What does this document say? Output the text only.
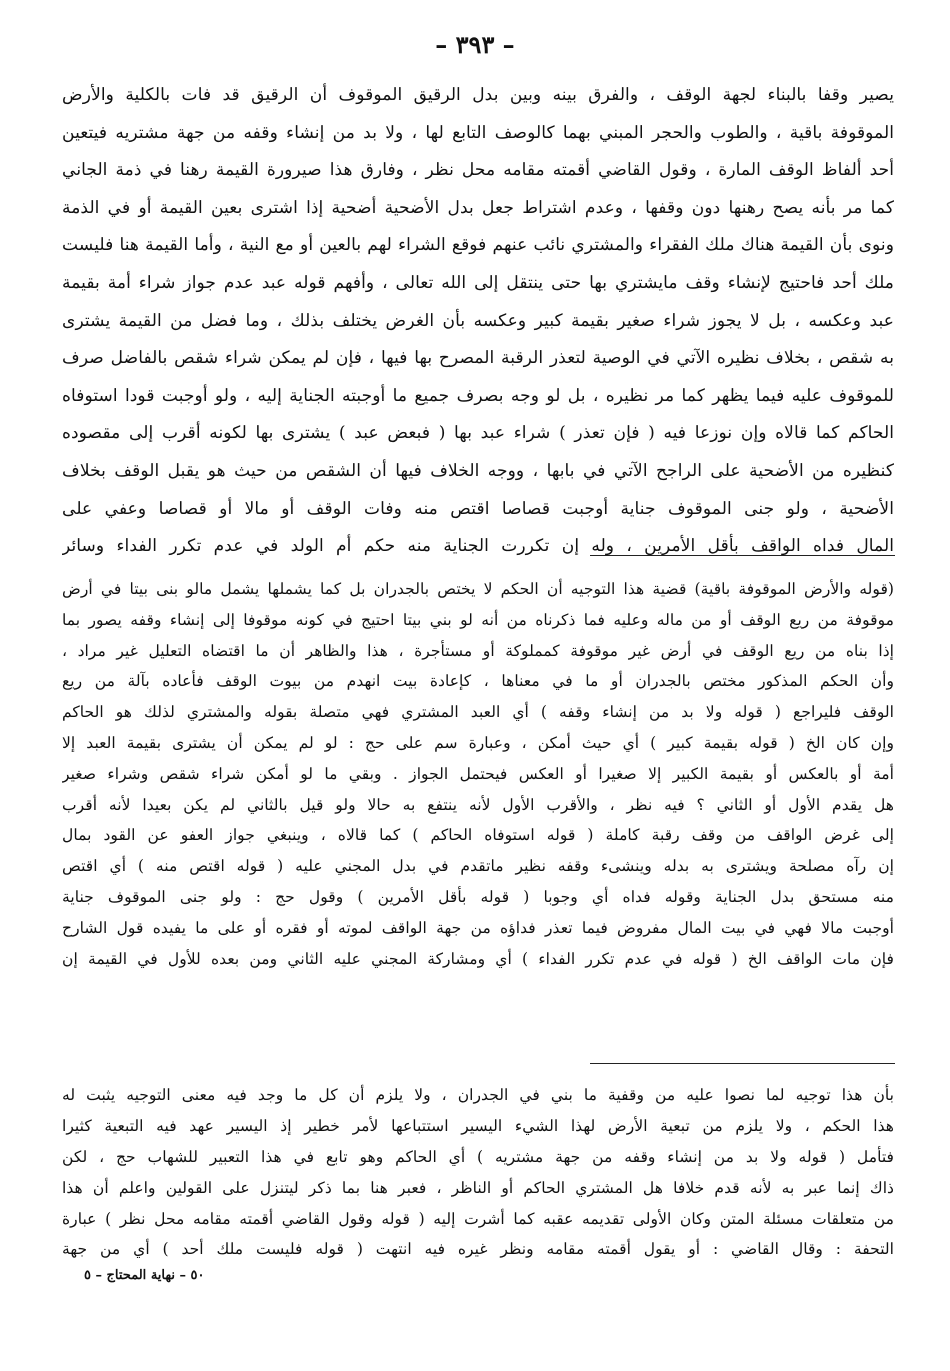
– ٣٩٣ –
يصير وقفا بالبناء لجهة الوقف ، والفرق بينه وبين بدل الرقيق الموقوف أن الرقيق قد فات بالكلية والأرض
الموقوفة باقية ، والطوب والحجر المبني بهما كالوصف التابع لها ، ولا بد من إنشاء وقفه من جهة مشتريه فيتعين
أحد ألفاظ الوقف المارة ، وقول القاضي أقمته مقامه محل نظر ، وفارق هذا صيرورة القيمة رهنا في ذمة الجاني
كما مر بأنه يصح رهنها دون وقفها ، وعدم اشتراط جعل بدل الأضحية أضحية إذا اشترى بعين القيمة أو في الذمة
ونوى بأن القيمة هناك ملك الفقراء والمشتري نائب عنهم فوقع الشراء لهم بالعين أو مع النية ، وأما القيمة هنا فليست
ملك أحد فاحتيج لإنشاء وقف مايشتري بها حتى ينتقل إلى الله تعالى ، وأفهم قوله عبد عدم جواز شراء أمة بقيمة
عبد وعكسه ، بل لا يجوز شراء صغير بقيمة كبير وعكسه بأن الغرض يختلف بذلك ، وما فضل من القيمة يشترى
به شقص ، بخلاف نظيره الآتي في الوصية لتعذر الرقبة المصرح بها فيها ، فإن لم يمكن شراء شقص بالفاضل صرف
للموقوف عليه فيما يظهر كما مر نظيره ، بل لو وجه بصرف جميع ما أوجبته الجناية إليه ، ولو أوجبت قودا استوفاه
الحاكم كما قالاه وإن نوزعا فيه ( فإن تعذر ) شراء عبد بها ( فبعض عبد ) يشترى بها لكونه أقرب إلى مقصوده
كنظيره من الأضحية على الراجح الآتي في بابها ، ووجه الخلاف فيها أن الشقص من حيث هو يقبل الوقف بخلاف
الأضحية ، ولو جنى الموقوف جناية أوجبت قصاصا اقتص منه وفات الوقف أو مالا أو قصاصا وعفي على
المال فداه الواقف بأقل الأمرين ، وله إن تكررت الجناية منه حكم أم الولد في عدم تكرر الفداء وسائر
(قوله والأرض الموقوفة باقية) قضية هذا التوجيه أن الحكم لا يختص بالجدران بل كما يشملها يشمل مالو بنى بيتا في أرض
موقوفة من ريع الوقف أو من ماله وعليه فما ذكرناه من أنه لو بني بيتا احتيج في كونه موقوفا إلى إنشاء وقفه يصور بما
إذا بناه من ريع الوقف في أرض غير موقوفة كمملوكة أو مستأجرة ، هذا والظاهر أن ما اقتضاه التعليل غير مراد ،
وأن الحكم المذكور مختص بالجدران أو ما في معناها ، كإعادة بيت انهدم من بيوت الوقف فأعاده بآلة من ريع
الوقف فليراجع ( قوله ولا بد من إنشاء وقفه ) أي العبد المشتري فهي متصلة بقوله والمشتري لذلك هو الحاكم
وإن كان الخ ( قوله بقيمة كبير ) أي حيث أمكن ، وعبارة سم على حج : لو لم يمكن أن يشترى بقيمة العبد إلا
أمة أو بالعكس أو بقيمة الكبير إلا صغيرا أو العكس فيحتمل الجواز . وبقي ما لو أمكن شراء شقص وشراء صغير
هل يقدم الأول أو الثاني ؟ فيه نظر ، والأقرب الأول لأنه ينتفع به حالا ولو قيل بالثاني لم يكن بعيدا لأنه أقرب
إلى غرض الواقف من وقف رقبة كاملة ( قوله استوفاه الحاكم ) كما قالاه ، وينبغي جواز العفو عن القود بمال
إن رآه مصلحة ويشترى به بدله وينشىء وقفه نظير ماتقدم في بدل المجني عليه ( قوله اقتص منه ) أي اقتص
منه مستحق بدل الجناية وقوله فداه أي وجوبا ( قوله بأقل الأمرين ) وقول حج : ولو جنى الموقوف جناية
أوجبت مالا فهي في بيت المال مفروض فيما تعذر فداؤه من جهة الواقف لموته أو فقره أو على ما يفيده قول الشارح
فإن مات الواقف الخ ( قوله في عدم تكرر الفداء ) أي ومشاركة المجني عليه الثاني ومن بعده للأول في القيمة إن
بأن هذا توجيه لما نصوا عليه من وقفية ما بني في الجدران ، ولا يلزم أن كل ما وجد فيه معنى التوجيه يثبت له
هذا الحكم ، ولا يلزم من تبعية الأرض لهذا الشيء اليسير استتباعها لأمر خطير إذ اليسير عهد فيه التبعية كثيرا
فتأمل ( قوله ولا بد من إنشاء وقفه من جهة مشتريه ) أي الحاكم وهو تابع في هذا التعبير للشهاب حج ، لكن
ذاك إنما عبر به لأنه قدم خلافا هل المشتري الحاكم أو الناظر ، فعبر هنا بما ذكر ليتنزل على القولين واعلم أن هذا
من متعلقات مسئلة المتن وكان الأولى تقديمه عقبه كما أشرت إليه ( قوله وقول القاضي أقمته مقامه محل نظر ) عبارة
التحفة : وقال القاضي : أو يقول أقمته مقامه ونظر غيره فيه انتهت ( قوله فليست ملك أحد ) أي من جهة
٥٠ – نهاية المحتاج – ٥
